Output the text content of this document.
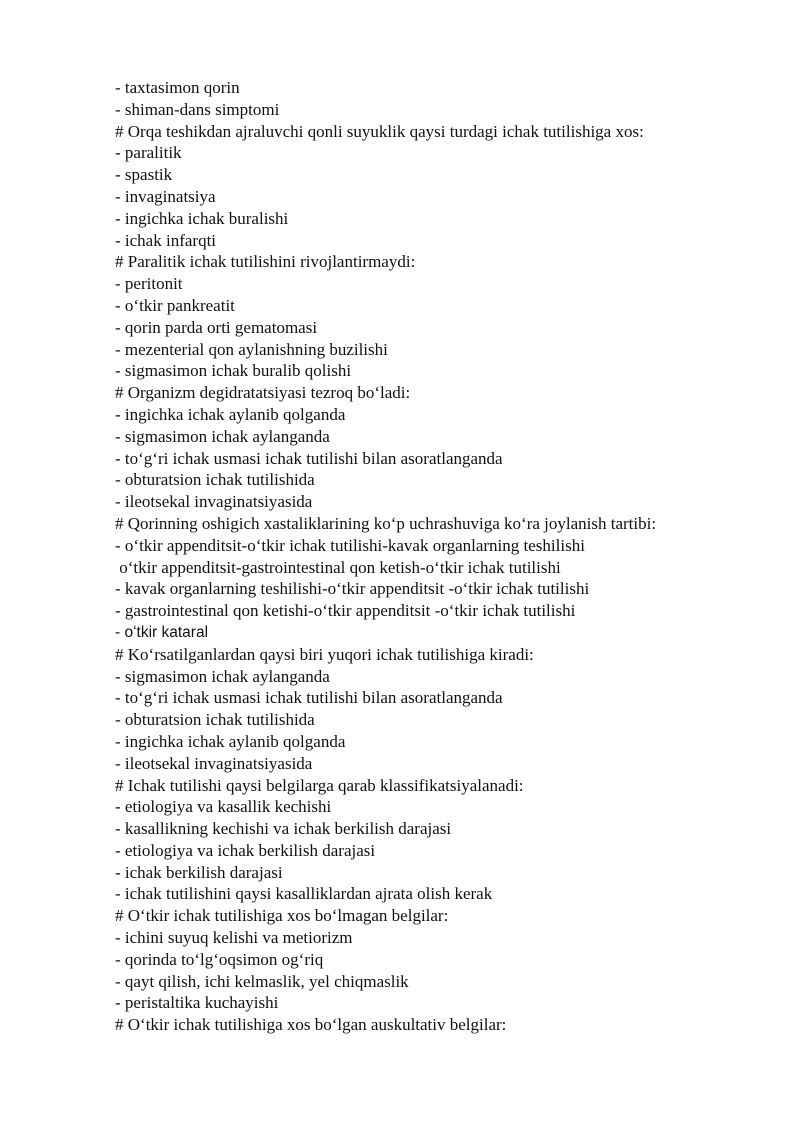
- taxtasimon qorin
- shiman-dans simptomi
# Orqa teshikdan ajraluvchi qonli suyuklik qaysi turdagi ichak tutilishiga xos:
- paralitik
- spastik
- invaginatsiya
- ingichka ichak buralishi
- ichak infarqti
# Paralitik ichak tutilishini rivojlantirmaydi:
- peritonit
- o‘tkir pankreatit
- qorin parda orti gematomasi
- mezenterial qon aylanishning buzilishi
- sigmasimon ichak buralib qolishi
# Organizm degidratatsiyasi tezroq bo‘ladi:
- ingichka ichak aylanib qolganda
- sigmasimon ichak aylanganda
- to‘g‘ri ichak usmasi ichak tutilishi bilan asoratlanganda
- obturatsion ichak tutilishida
- ileotsekal invaginatsiyasida
# Qorinning oshigich xastaliklarining ko‘p uchrashuviga ko‘ra joylanish tartibi:
- o‘tkir appenditsit-o‘tkir ichak tutilishi-kavak organlarning teshilishi
o‘tkir appenditsit-gastrointestinal qon ketish-o‘tkir ichak tutilishi
- kavak organlarning teshilishi-o‘tkir appenditsit -o‘tkir ichak tutilishi
- gastrointestinal qon ketishi-o‘tkir appenditsit -o‘tkir ichak tutilishi
- oʻtkir kataral
# Ko‘rsatilganlardan qaysi biri yuqori ichak tutilishiga kiradi:
- sigmasimon ichak aylanganda
- to‘g‘ri ichak usmasi ichak tutilishi bilan asoratlanganda
- obturatsion ichak tutilishida
- ingichka ichak aylanib qolganda
- ileotsekal invaginatsiyasida
# Ichak tutilishi qaysi belgilarga qarab klassifikatsiyalanadi:
- etiologiya va kasallik kechishi
- kasallikning kechishi va ichak berkilish darajasi
- etiologiya va ichak berkilish darajasi
- ichak berkilish darajasi
- ichak tutilishini qaysi kasalliklardan ajrata olish kerak
# O‘tkir ichak tutilishiga xos bo‘lmagan belgilar:
- ichini suyuq kelishi va metiorizm
- qorinda to‘lg‘oqsimon og‘riq
- qayt qilish, ichi kelmaslik, yel chiqmaslik
- peristaltika kuchayishi
# O‘tkir ichak tutilishiga xos bo‘lgan auskultativ belgilar:
